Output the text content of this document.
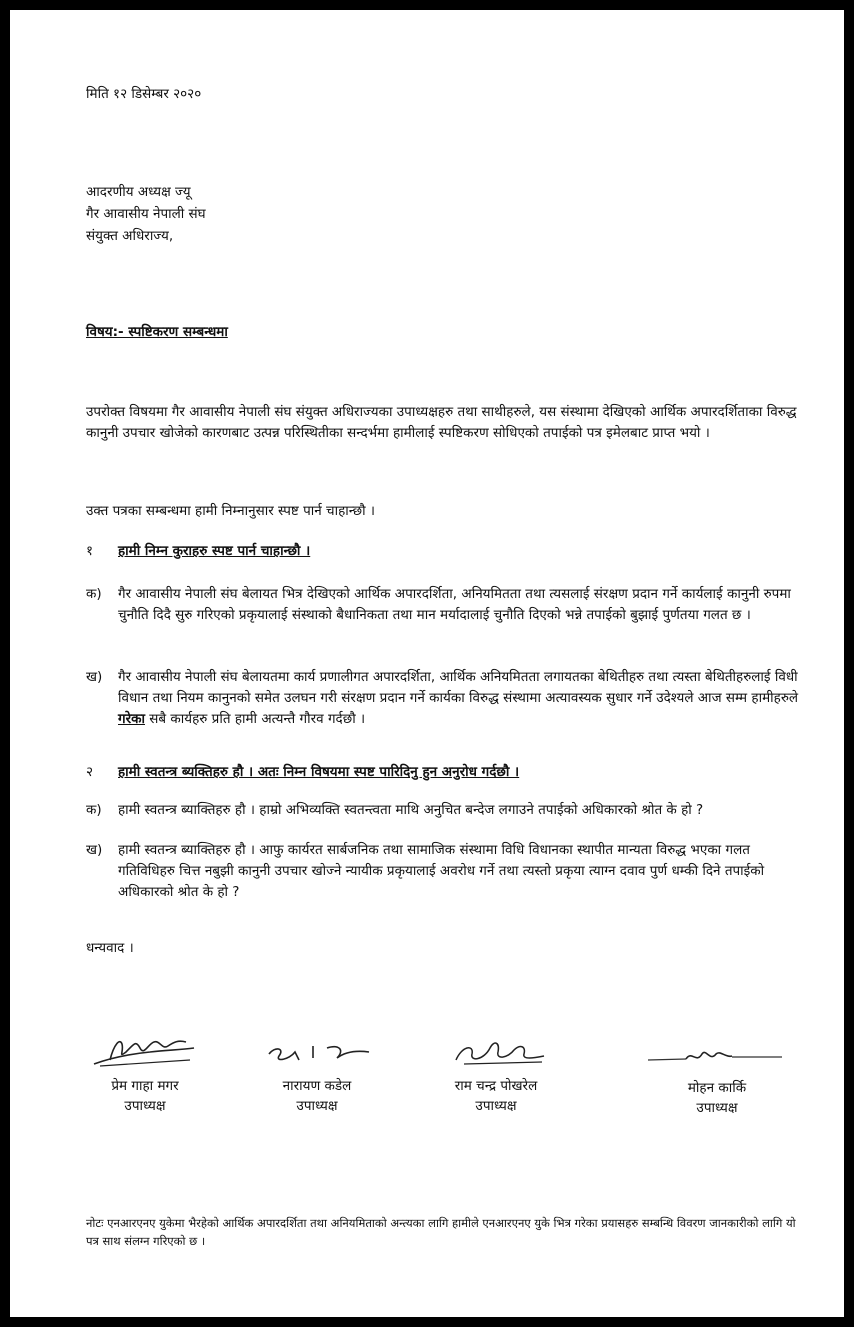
मिति १२ डिसेम्बर २०२०
आदरणीय अध्यक्ष ज्यू
गैर आवासीय नेपाली संघ
संयुक्त अधिराज्य,
विषय:- स्पष्टिकरण सम्बन्धमा
उपरोक्त विषयमा गैर आवासीय नेपाली संघ संयुक्त अधिराज्यका उपाध्यक्षहरु तथा साथीहरुले, यस संस्थामा देखिएको आर्थिक अपारदर्शिताका विरुद्ध कानुनी उपचार खोजेको कारणबाट उत्पन्न परिस्थितीका सन्दर्भमा हामीलाई स्पष्टिकरण सोधिएको तपाईको पत्र इमेलबाट प्राप्त भयो ।
उक्त पत्रका सम्बन्धमा हामी निम्नानुसार स्पष्ट पार्न चाहान्छौ ।
१ हामी निम्न कुराहरु स्पष्ट पार्न चाहान्छौ ।
क) गैर आवासीय नेपाली संघ बेलायत भित्र देखिएको आर्थिक अपारदर्शिता, अनियमितता तथा त्यसलाई संरक्षण प्रदान गर्ने कार्यलाई कानुनी रुपमा चुनौति दिदै सुरु गरिएको प्रकृयालाई संस्थाको बैधानिकता तथा मान मर्यादालाई चुनौति दिएको भन्ने तपाईको बुझाई पुर्णतया गलत छ ।
ख) गैर आवासीय नेपाली संघ बेलायतमा कार्य प्रणालीगत अपारदर्शिता, आर्थिक अनियमितता लगायतका बेथितीहरु तथा त्यस्ता बेथितीहरुलाई विधी विधान तथा नियम कानुनको समेत उलघन गरी संरक्षण प्रदान गर्ने कार्यका विरुद्ध संस्थामा अत्यावस्यक सुधार गर्ने उदेश्यले आज सम्म हामीहरुले गरेका सबै कार्यहरु प्रति हामी अत्यन्तै गौरव गर्दछौ ।
२ हामी स्वतन्त्र ब्यक्तिहरु हौ । अतः निम्न विषयमा स्पष्ट पारिदिनु हुन अनुरोध गर्दछौ ।
क) हामी स्वतन्त्र ब्याक्तिहरु हौ । हाम्रो अभिव्यक्ति स्वतन्त्वता माथि अनुचित बन्देज लगाउने तपाईको अधिकारको श्रोत के हो ?
ख) हामी स्वतन्त्र ब्याक्तिहरु हौ । आफु कार्यरत सार्बजनिक तथा सामाजिक संस्थामा विधि विधानका स्थापीत मान्यता विरुद्ध भएका गलत गतिविधिहरु चित्त नबुझी कानुनी उपचार खोज्ने न्यायीक प्रकृयालाई अवरोध गर्ने तथा त्यस्तो प्रकृया त्याग्न दवाव पुर्ण धम्की दिने तपाईको अधिकारको श्रोत के हो ?
धन्यवाद ।
प्रेम गाहा मगर
उपाध्यक्ष
नारायण कडेल
उपाध्यक्ष
राम चन्द्र पोखरेल
उपाध्यक्ष
मोहन कार्कि
उपाध्यक्ष
नोटः एनआरएनए युकेमा भैरहेको आर्थिक अपारदर्शिता तथा अनियमिताको अन्त्यका लागि हामीले एनआरएनए युके भित्र गरेका प्रयासहरु सम्बन्धि विवरण जानकारीको लागि यो पत्र साथ संलग्न गरिएको छ ।
